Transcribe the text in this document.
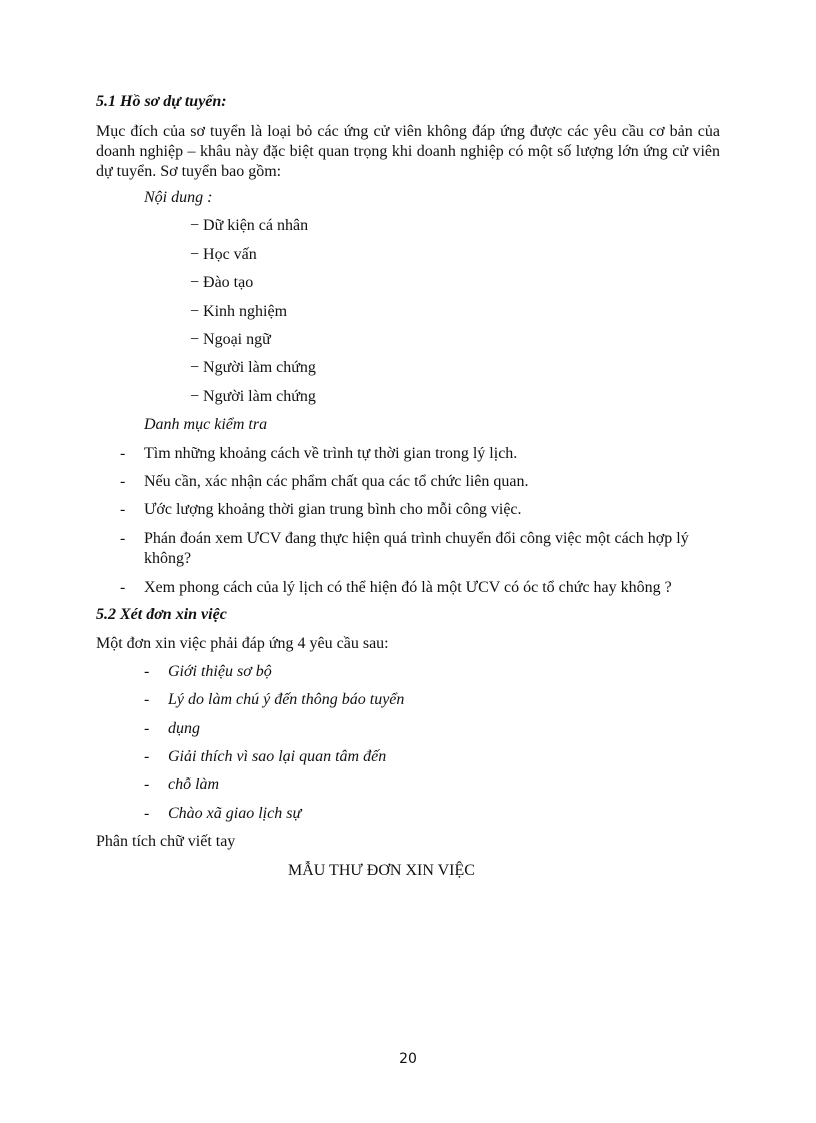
5.1 Hồ sơ dự tuyển:
Mục đích của sơ tuyển là loại bỏ các ứng cử viên không đáp ứng được các yêu cầu cơ bản của doanh nghiệp – khâu này đặc biệt quan trọng khi doanh nghiệp có một số lượng lớn ứng cử viên dự tuyển. Sơ tuyển bao gồm:
Nội dung :
− Dữ kiện cá nhân
− Học vấn
− Đào tạo
− Kinh nghiệm
− Ngoại ngữ
− Người làm chứng
− Người làm chứng
Danh mục kiểm tra
- Tìm những khoảng cách về trình tự thời gian trong lý lịch.
- Nếu cần, xác nhận các phẩm chất qua các tổ chức liên quan.
- Ước lượng khoảng thời gian trung bình cho mỗi công việc.
- Phán đoán xem ƯCV đang thực hiện quá trình chuyển đổi công việc một cách hợp lý
không?
- Xem phong cách của lý lịch có thể hiện đó là một ƯCV có óc tổ chức hay không ?
5.2 Xét đơn xin việc
Một đơn xin việc phải đáp ứng 4 yêu cầu sau:
- Giới thiệu sơ bộ
- Lý do làm chú ý đến thông báo tuyển
- dụng
- Giải thích vì sao lại quan tâm đến
- chỗ làm
- Chào xã giao lịch sự
Phân tích chữ viết tay
MẪU THƯ ĐƠN XIN VIỆC
20
